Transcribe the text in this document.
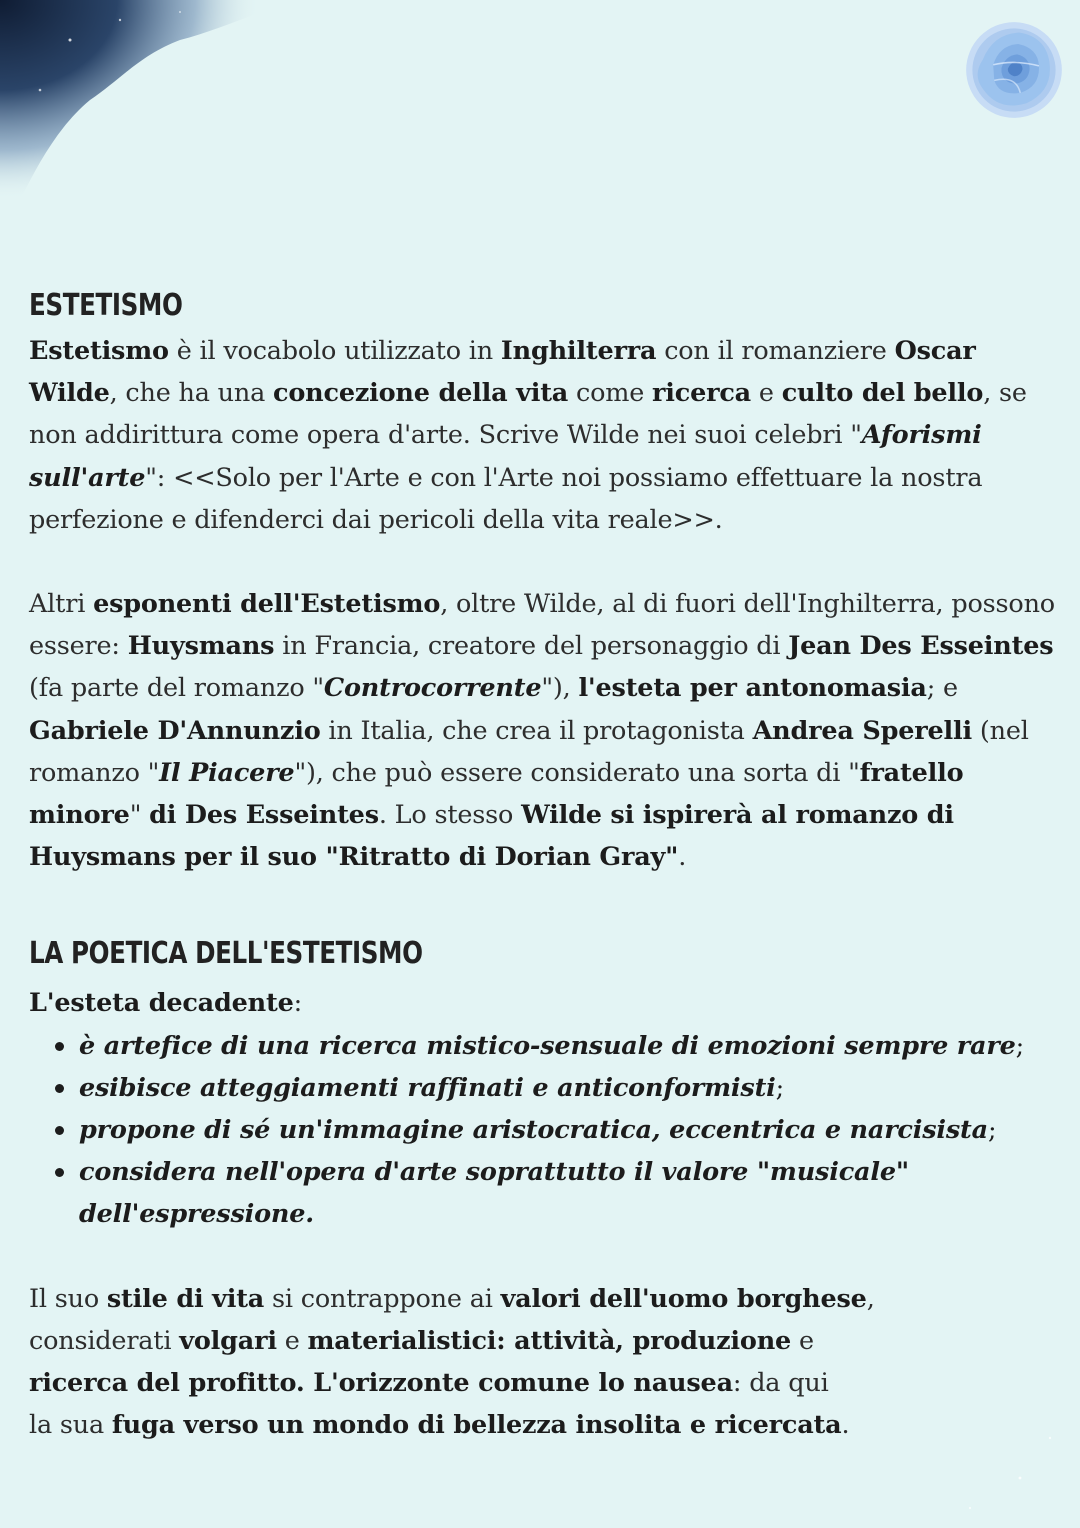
ESTETISMO

Estetismo è il vocabolo utilizzato in Inghilterra con il romanziere Oscar Wilde, che ha una concezione della vita come ricerca e culto del bello, se non addirittura come opera d'arte. Scrive Wilde nei suoi celebri "Aforismi sull'arte": <<Solo per l'Arte e con l'Arte noi possiamo effettuare la nostra perfezione e difenderci dai pericoli della vita reale>>.

Altri esponenti dell'Estetismo, oltre Wilde, al di fuori dell'Inghilterra, possono essere: Huysmans in Francia, creatore del personaggio di Jean Des Esseintes (fa parte del romanzo "Controcorrente"), l'esteta per antonomasia; e Gabriele D'Annunzio in Italia, che crea il protagonista Andrea Sperelli (nel romanzo "Il Piacere"), che può essere considerato una sorta di "fratello minore" di Des Esseintes. Lo stesso Wilde si ispirerà al romanzo di Huysmans per il suo "Ritratto di Dorian Gray".

LA POETICA DELL'ESTETISMO

L'esteta decadente:

è artefice di una ricerca mistico-sensuale di emozioni sempre rare;
esibisce atteggiamenti raffinati e anticonformisti;
propone di sé un'immagine aristocratica, eccentrica e narcisista;
considera nell'opera d'arte soprattutto il valore "musicale" dell'espressione.

Il suo stile di vita si contrappone ai valori dell'uomo borghese,
considerati volgari e materialistici: attività, produzione e
ricerca del profitto. L'orizzonte comune lo nausea: da qui
la sua fuga verso un mondo di bellezza insolita e ricercata.
